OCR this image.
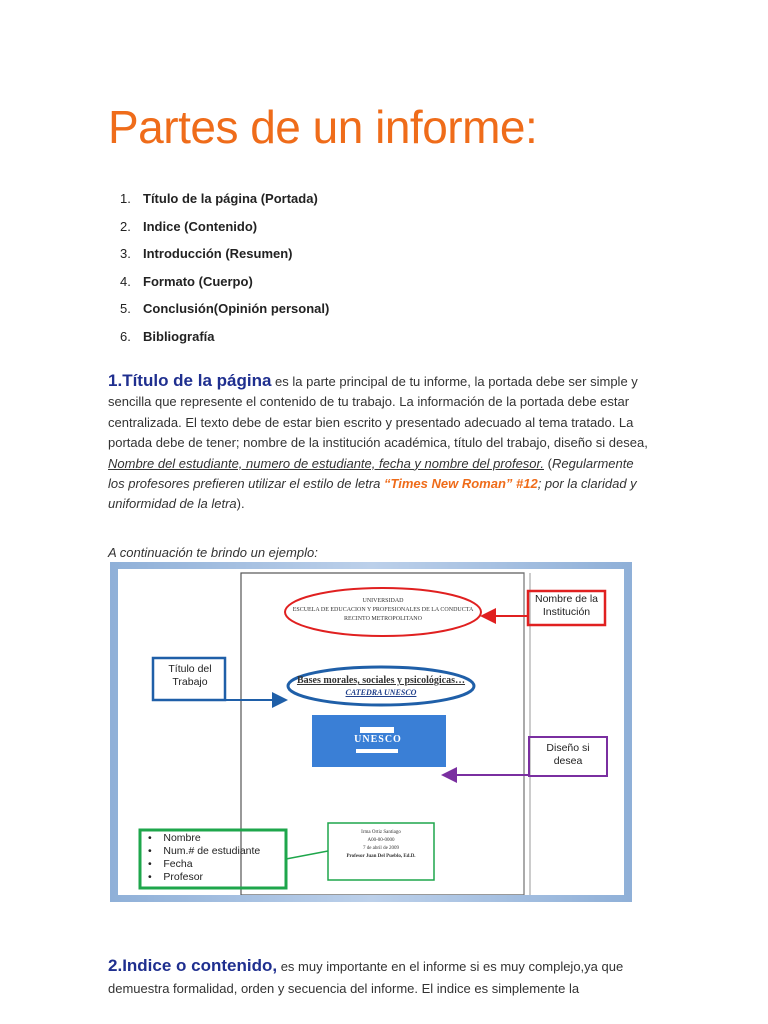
Partes de un informe:
1. Título de la página (Portada)
2. Indice (Contenido)
3. Introducción (Resumen)
4. Formato (Cuerpo)
5. Conclusión(Opinión personal)
6. Bibliografía

1.Título de la página es la parte principal de tu informe, la portada debe ser simple y sencilla que represente el contenido de tu trabajo. La información de la portada debe estar centralizada. El texto debe de estar bien escrito y presentado adecuado al tema tratado. La portada debe de tener; nombre de la institución académica, título del trabajo, diseño si desea, Nombre del estudiante, numero de estudiante, fecha y nombre del profesor. (Regularmente los profesores prefieren utilizar el estilo de letra “Times New Roman” #12; por la claridad y uniformidad de la letra).

A continuación te brindo un ejemplo:
UNIVERSIDAD
ESCUELA DE EDUCACION Y PROFESIONALES DE LA CONDUCTA
RECINTO METROPOLITANO
Bases morales, sociales y psicológicas…
CATEDRA UNESCO
UNESCO
Irma Ortiz Santiago
A00-00-0000
7 de abril de 2009
Profesor Juan Del Pueblo, Ed.D.
Nombre de la Institución
Título del Trabajo
Diseño si desea
•    Nombre
•    Num.# de estudiante
•    Fecha
•    Profesor

2.Indice o contenido, es muy importante en el informe si es muy complejo,ya que demuestra formalidad, orden y secuencia del informe. El indice es simplemente la
